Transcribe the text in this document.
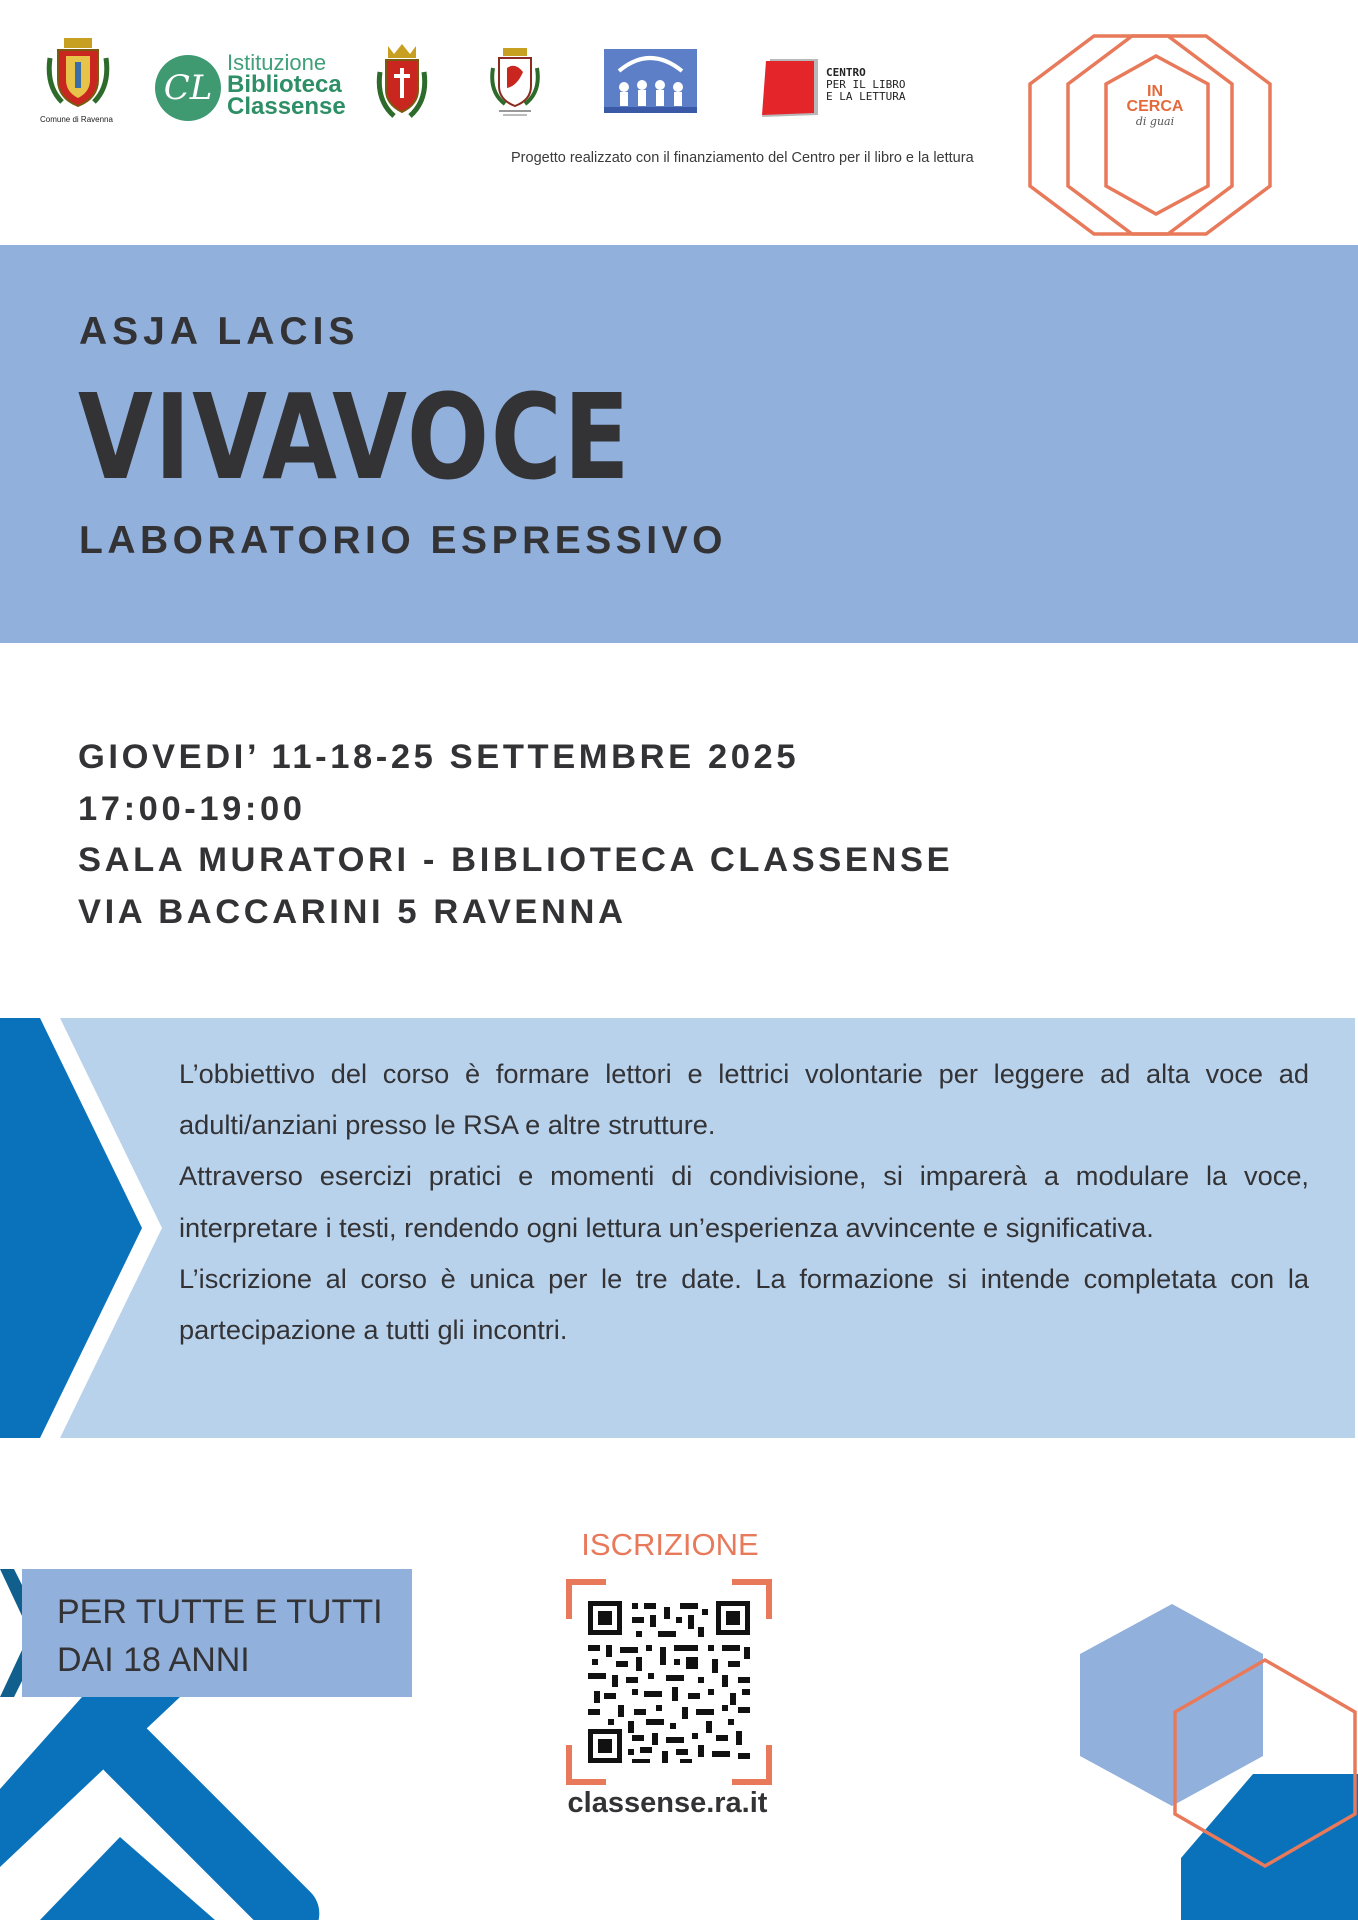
Comune di Ravenna
CL
Istituzione
Biblioteca
Classense
CENTRO
PER IL LIBRO
E LA LETTURA
Progetto realizzato con il finanziamento del Centro per il libro e la lettura
IN
CERCA
di guai
ASJA LACIS
VIVAVOCE
LABORATORIO ESPRESSIVO
GIOVEDI’ 11-18-25 SETTEMBRE 2025
17:00-19:00
SALA MURATORI - BIBLIOTECA CLASSENSE
VIA BACCARINI 5 RAVENNA

L’obbiettivo del corso è formare lettori e lettrici volontarie per leggere ad alta voce ad adulti/anziani presso le RSA e altre strutture.

Attraverso esercizi pratici e momenti di condivisione, si imparerà a modulare la voce, interpretare i testi, rendendo ogni lettura un’esperienza avvincente e significativa.

L’iscrizione al corso è unica per le tre date. La formazione si intende completata con la partecipazione a tutti gli incontri.

PER TUTTE E TUTTI
DAI 18 ANNI
ISCRIZIONE
classense.ra.it
